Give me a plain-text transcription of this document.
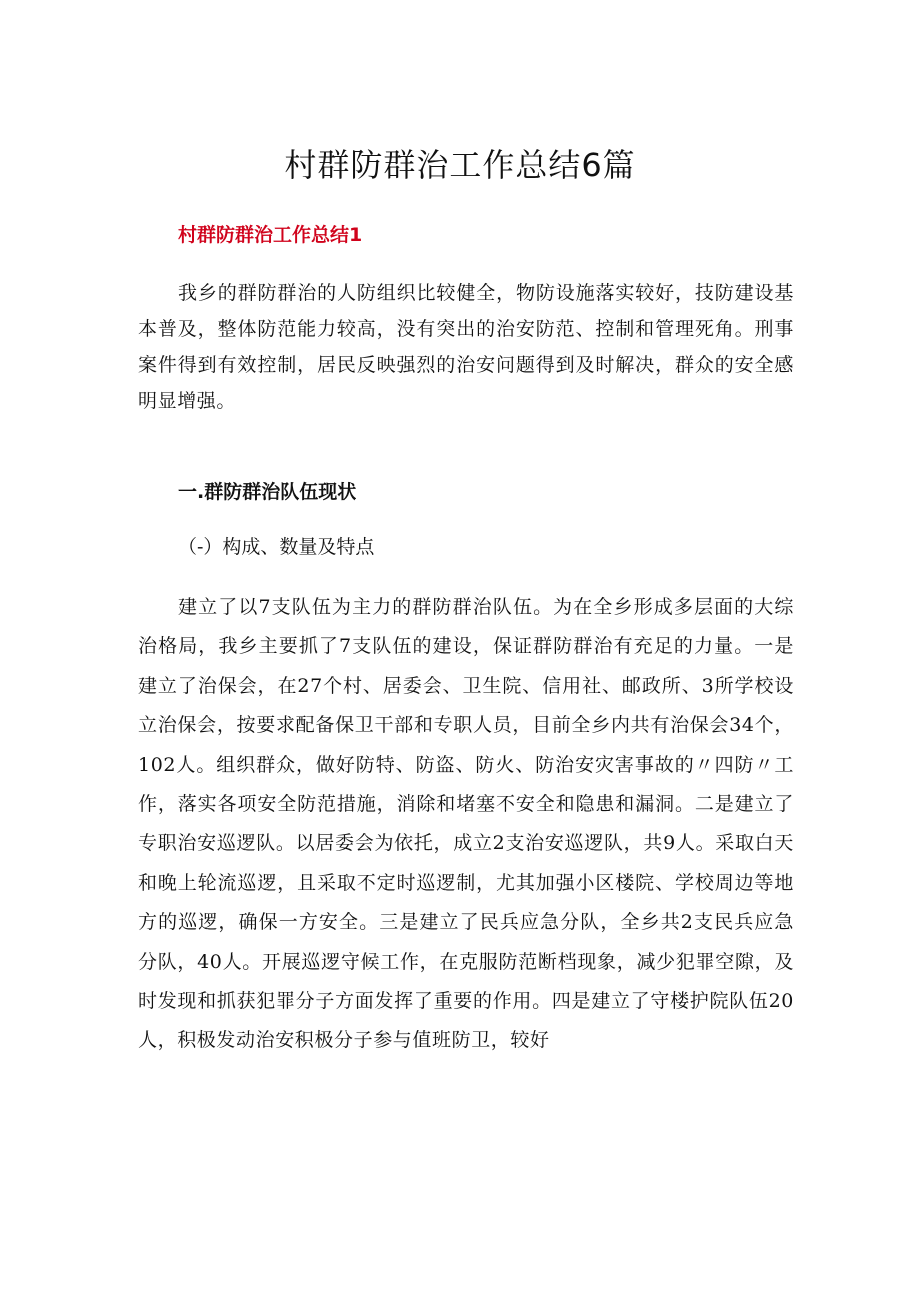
村群防群治工作总结6篇

村群防群治工作总结1

我乡的群防群治的人防组织比较健全，物防设施落实较好，技防建设基本普及，整体防范能力较高，没有突出的治安防范、控制和管理死角。刑事案件得到有效控制，居民反映强烈的治安问题得到及时解决，群众的安全感明显增强。

一.群防群治队伍现状

（-）构成、数量及特点

建立了以7支队伍为主力的群防群治队伍。为在全乡形成多层面的大综治格局，我乡主要抓了7支队伍的建设，保证群防群治有充足的力量。一是建立了治保会，在27个村、居委会、卫生院、信用社、邮政所、3所学校设立治保会，按要求配备保卫干部和专职人员，目前全乡内共有治保会34个，102人。组织群众，做好防特、防盗、防火、防治安灾害事故的〃四防〃工作，落实各项安全防范措施，消除和堵塞不安全和隐患和漏洞。二是建立了专职治安巡逻队。以居委会为依托，成立2支治安巡逻队，共9人。采取白天和晚上轮流巡逻，且采取不定时巡逻制，尤其加强小区楼院、学校周边等地方的巡逻，确保一方安全。三是建立了民兵应急分队，全乡共2支民兵应急分队，40人。开展巡逻守候工作，在克服防范断档现象，减少犯罪空隙，及时发现和抓获犯罪分子方面发挥了重要的作用。四是建立了守楼护院队伍20人，积极发动治安积极分子参与值班防卫，较好
